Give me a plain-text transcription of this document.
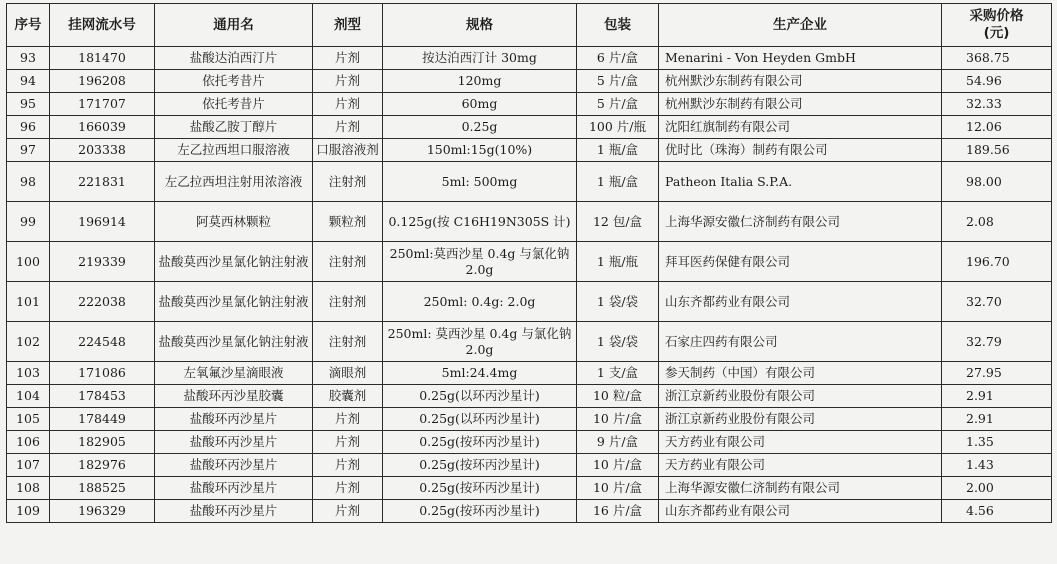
序号	挂网流水号	通用名	剂型	规格	包装	生产企业	采购价格
(元)
93	181470	盐酸达泊西汀片	片剂	按达泊西汀计 30mg	6 片/盒	Menarini - Von Heyden GmbH	368.75
94	196208	依托考昔片	片剂	120mg	5 片/盒	杭州默沙东制药有限公司	54.96
95	171707	依托考昔片	片剂	60mg	5 片/盒	杭州默沙东制药有限公司	32.33
96	166039	盐酸乙胺丁醇片	片剂	0.25g	100 片/瓶	沈阳红旗制药有限公司	12.06
97	203338	左乙拉西坦口服溶液	口服溶液剂	150ml:15g(10%)	1 瓶/盒	优时比（珠海）制药有限公司	189.56
98	221831	左乙拉西坦注射用浓溶液	注射剂	5ml: 500mg	1 瓶/盒	Patheon Italia S.P.A.	98.00
99	196914	阿莫西林颗粒	颗粒剂	0.125g(按 C16H19N305S 计)	12 包/盒	上海华源安徽仁济制药有限公司	2.08
100	219339	盐酸莫西沙星氯化钠注射液	注射剂	250ml:莫西沙星 0.4g 与氯化钠 2.0g	1 瓶/瓶	拜耳医药保健有限公司	196.70
101	222038	盐酸莫西沙星氯化钠注射液	注射剂	250ml: 0.4g: 2.0g	1 袋/袋	山东齐都药业有限公司	32.70
102	224548	盐酸莫西沙星氯化钠注射液	注射剂	250ml: 莫西沙星 0.4g 与氯化钠 2.0g	1 袋/袋	石家庄四药有限公司	32.79
103	171086	左氧氟沙星滴眼液	滴眼剂	5ml:24.4mg	1 支/盒	参天制药（中国）有限公司	27.95
104	178453	盐酸环丙沙星胶囊	胶囊剂	0.25g(以环丙沙星计)	10 粒/盒	浙江京新药业股份有限公司	2.91
105	178449	盐酸环丙沙星片	片剂	0.25g(以环丙沙星计)	10 片/盒	浙江京新药业股份有限公司	2.91
106	182905	盐酸环丙沙星片	片剂	0.25g(按环丙沙星计)	9 片/盒	天方药业有限公司	1.35
107	182976	盐酸环丙沙星片	片剂	0.25g(按环丙沙星计)	10 片/盒	天方药业有限公司	1.43
108	188525	盐酸环丙沙星片	片剂	0.25g(按环丙沙星计)	10 片/盒	上海华源安徽仁济制药有限公司	2.00
109	196329	盐酸环丙沙星片	片剂	0.25g(按环丙沙星计)	16 片/盒	山东齐都药业有限公司	4.56
